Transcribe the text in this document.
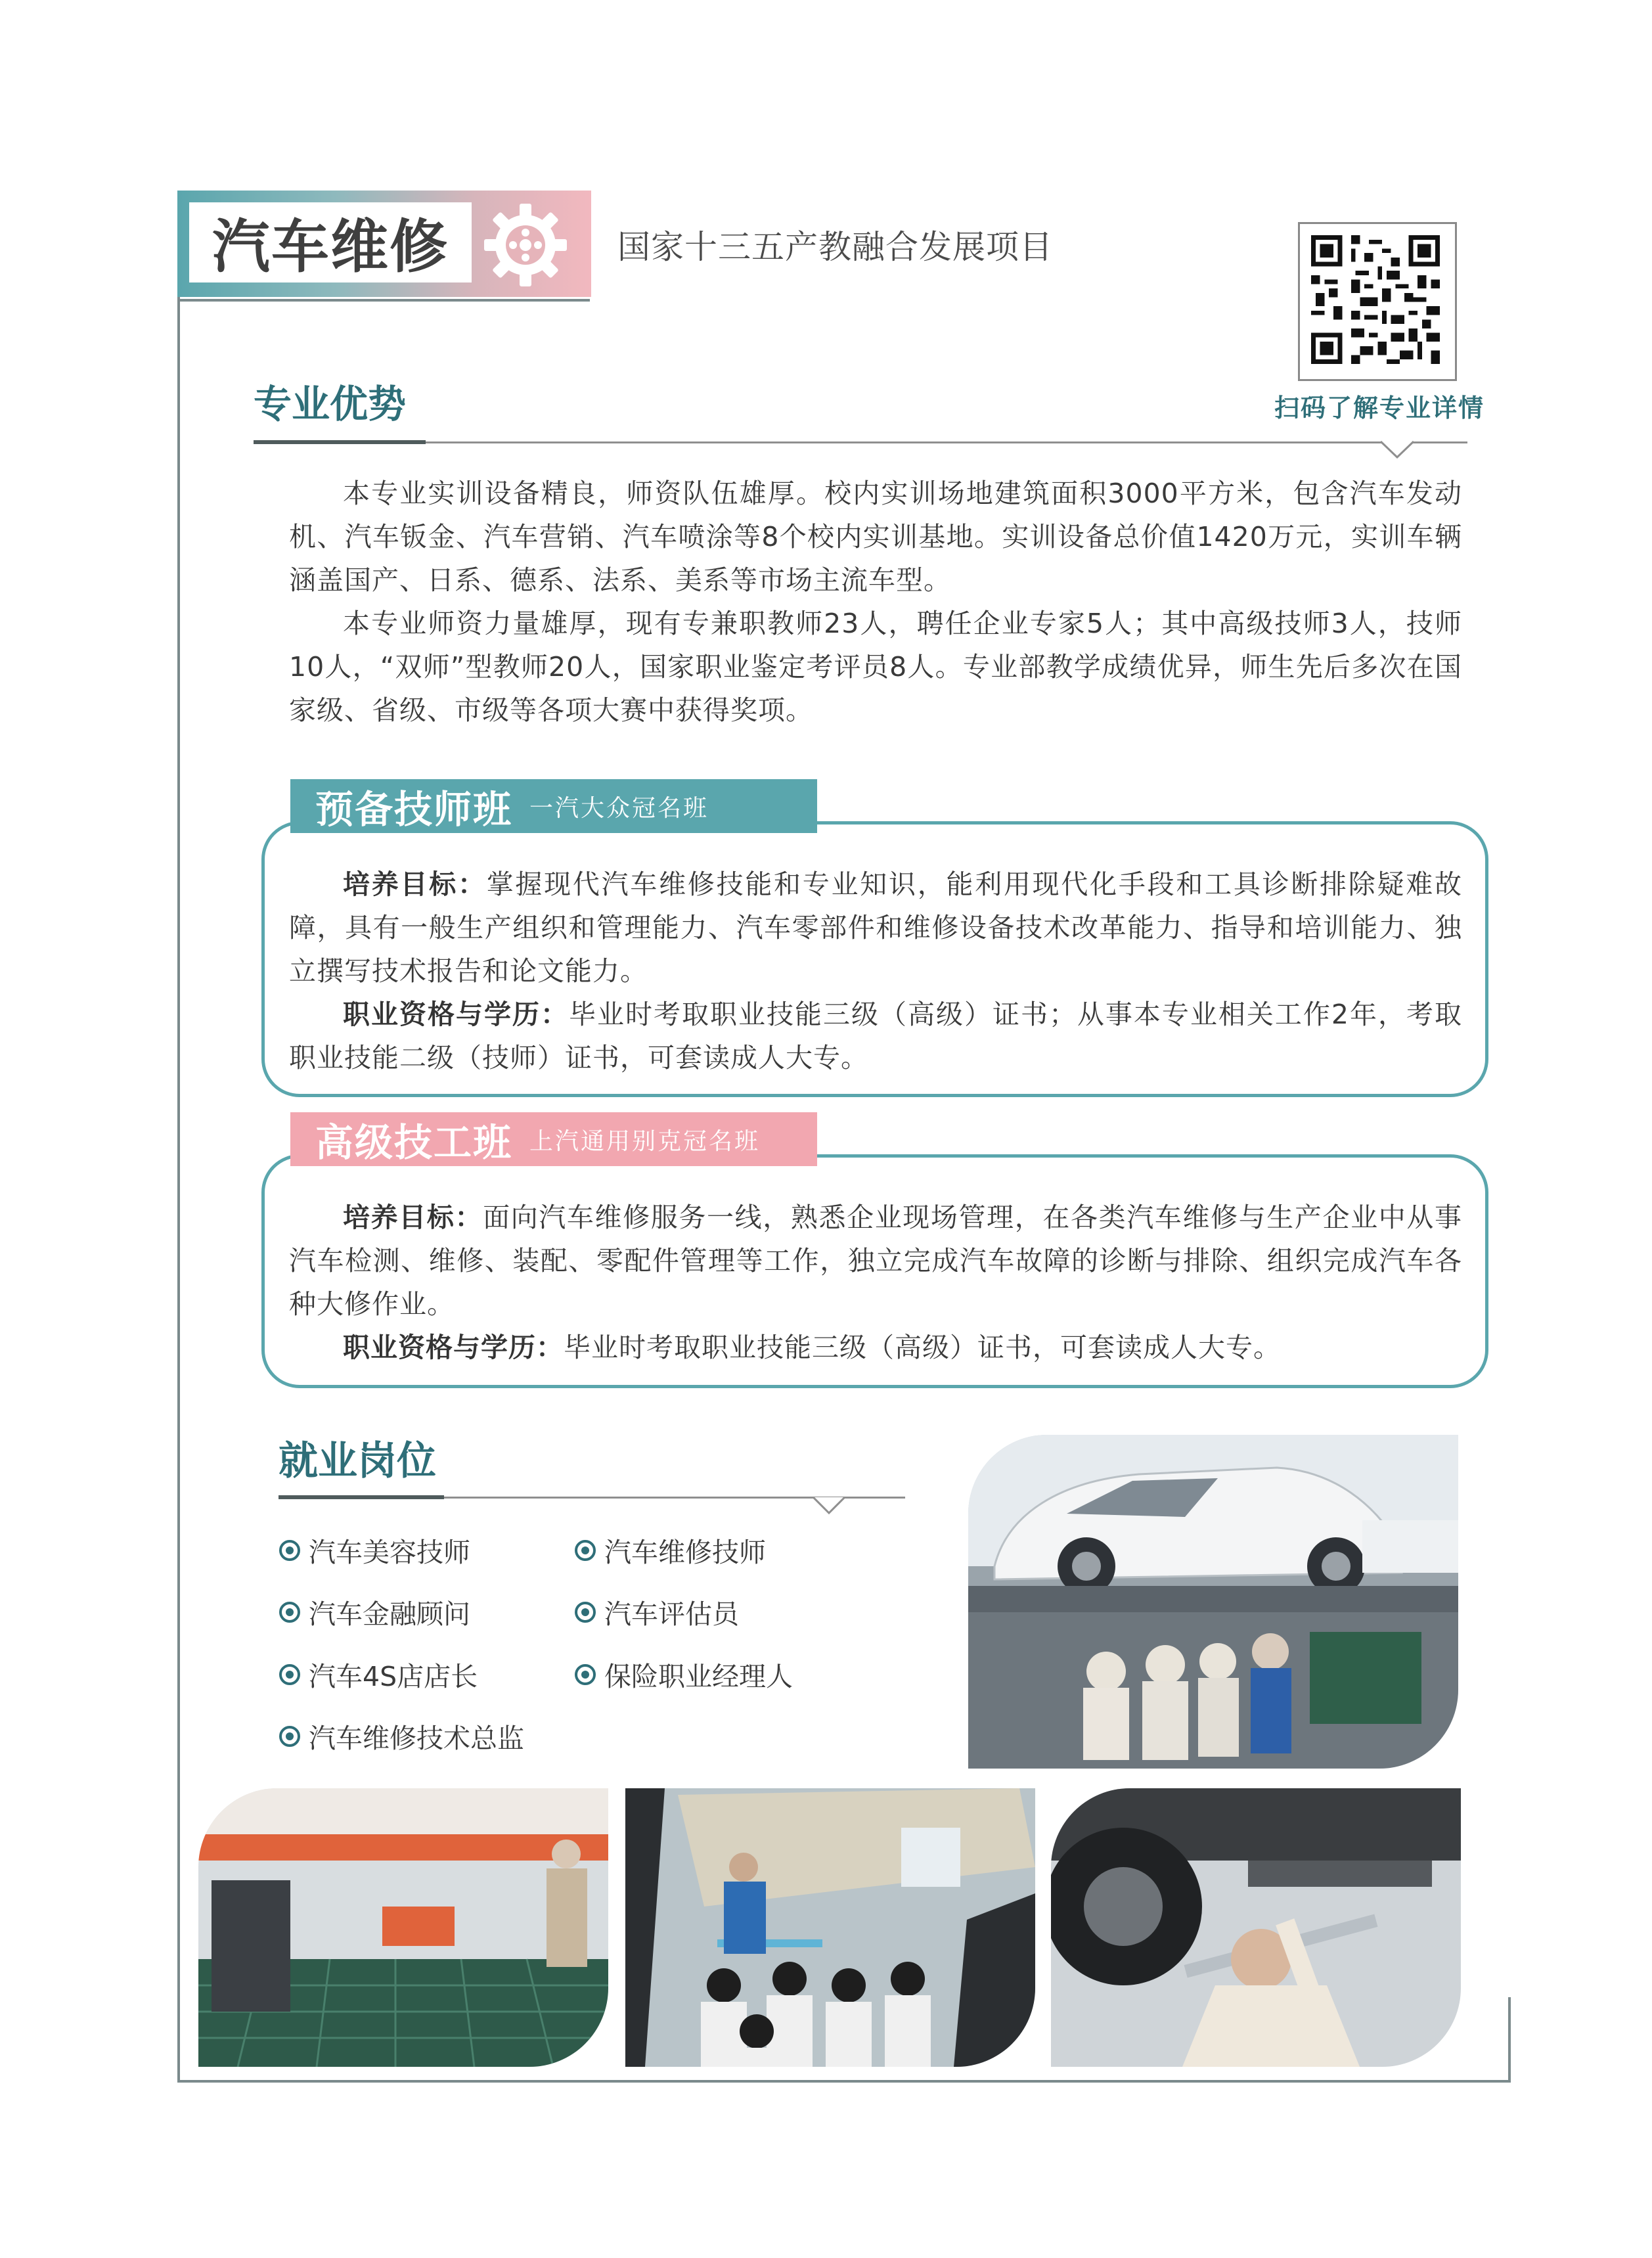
汽车维修	国家十三五产教融合发展项目
扫码了解专业详情
专业优势

本专业实训设备精良，师资队伍雄厚。校内实训场地建筑面积3000平方米，包含汽车发动机、汽车钣金、汽车营销、汽车喷涂等8个校内实训基地。实训设备总价值1420万元，实训车辆涵盖国产、日系、德系、法系、美系等市场主流车型。

本专业师资力量雄厚，现有专兼职教师23人，聘任企业专家5人；其中高级技师3人，技师10人，“双师”型教师20人，国家职业鉴定考评员8人。专业部教学成绩优异，师生先后多次在国家级、省级、市级等各项大赛中获得奖项。

预备技师班 一汽大众冠名班

培养目标：掌握现代汽车维修技能和专业知识，能利用现代化手段和工具诊断排除疑难故障，具有一般生产组织和管理能力、汽车零部件和维修设备技术改革能力、指导和培训能力、独立撰写技术报告和论文能力。

职业资格与学历：毕业时考取职业技能三级（高级）证书；从事本专业相关工作2年，考取职业技能二级（技师）证书，可套读成人大专。

高级技工班 上汽通用别克冠名班

培养目标：面向汽车维修服务一线，熟悉企业现场管理，在各类汽车维修与生产企业中从事汽车检测、维修、装配、零配件管理等工作，独立完成汽车故障的诊断与排除、组织完成汽车各种大修作业。

职业资格与学历：毕业时考取职业技能三级（高级）证书，可套读成人大专。

就业岗位
汽车美容技师	汽车维修技师
汽车金融顾问	汽车评估员
汽车4S店店长	保险职业经理人
汽车维修技术总监
